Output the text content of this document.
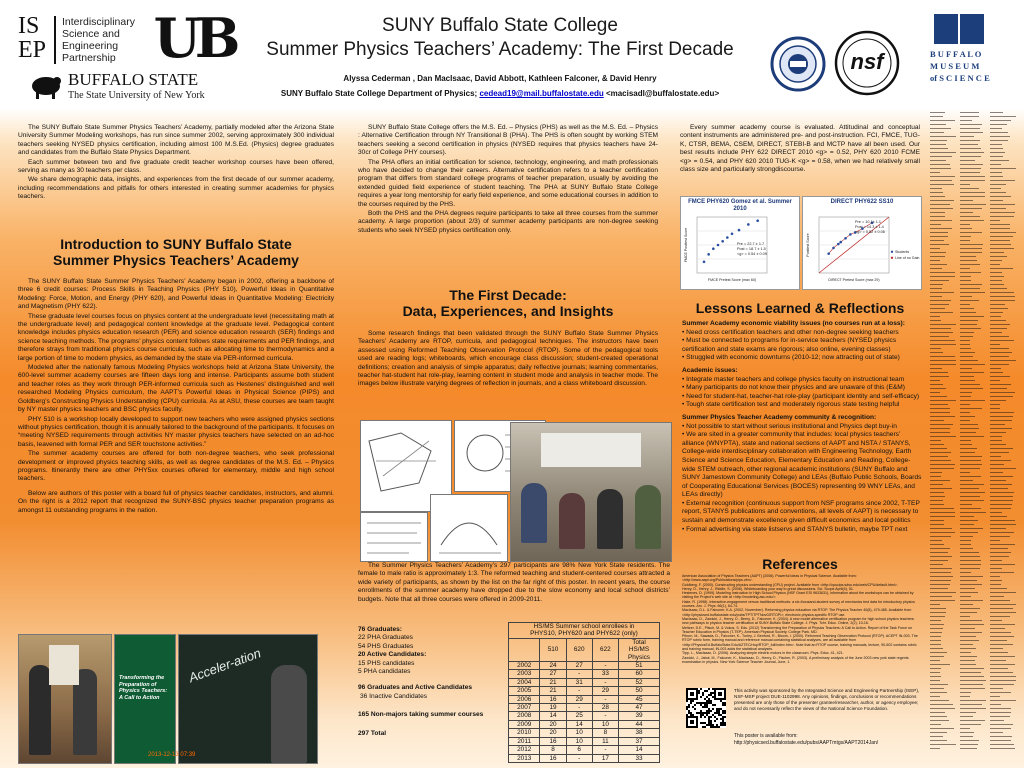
IS
EP
Interdisciplinary
Science and
Engineering
Partnership UB
BUFFALO STATE
The State University of New York
SUNY Buffalo State College
Summer Physics Teachers’ Academy: The First Decade
Alyssa Cederman , Dan MacIsaac, David Abbott, Kathleen Falconer, & David Henry
SUNY Buffalo State College Department of Physics; cedead19@mail.buffalostate.edu <macisadl@buffalostate.edu>
nsf	B U F F A L O
M U S E U M
of S C I E N C E

The SUNY Buffalo State Summer Physics Teachers’ Academy, partially modeled after the Arizona State University Summer Modeling workshops, has run since summer 2002, serving approximately 300 individual teachers seeking NYSED physics certification, including almost 100 M.S.Ed. (Physics) degree graduates and candidates from the Buffalo State Physics Department.

Each summer between two and five graduate credit teacher workshop courses have been offered, serving as many as 30 teachers per class.

We share demographic data, insights, and experiences from the first decade of our summer academy, including recommendations and pitfalls for others interested in creating summer academies for physics teachers.

Introduction to SUNY Buffalo State
Summer Physics Teachers’ Academy

The SUNY Buffalo State Summer Physics Teachers’ Academy began in 2002, offering a backbone of three 6 credit courses: Process Skills in Teaching Physics (PHY 510), Powerful Ideas in Quantitative Modeling: Force, Motion, and Energy (PHY 620), and Powerful Ideas in Quantitative Modeling: Electricity and Magnetism (PHY 622).

These graduate level courses focus on physics content at the undergraduate level (necessitating math at the undergraduate level) and pedagogical content knowledge at the graduate level. Pedagogical content knowledge includes physics education research (PER) and science education research (SER) findings and science teaching methods. The programs’ physics content follows state requirements and PER findings, and therefore strays from traditional physics course curricula, such as allocating time to thermodynamics and a large portion of time to modern physics, as demanded by the state via PER-informed curricula.

Modeled after the nationally famous Modeling Physics workshops held at Arizona State University, the 600-level summer academy courses are fifteen days long and intense. Participants assume both student and teacher roles as they work through PER-informed curricula such as Hestenes’ distinguished and well researched Modeling Physics curriculum, the AAPT’s Powerful Ideas in Physical Science (PIPS) and Goldberg’s Constructing Physics Understanding (CPU) curricula. As at ASU, these courses are team taught by NY master physics teachers and BSC physics faculty.

PHY 510 is a workshop locally developed to support new teachers who were assigned physics sections without physics certification, though it is annually tailored to the background of the participants. It focuses on “meeting NYSED requirements through activities NY master physics teachers have selected on an ad-hoc basis, leavened with formal PER and SER touchstone activities.”

The summer academy courses are offered for both non-degree teachers, who seek professional development or improved physics teaching skills, as well as degree candidates of the M.S. Ed. – Physics programs. Itinerantly there are other PHY5xx courses offered for elementary, middle and high school teachers.

Below are authors of this poster with a board full of physics teacher candidates, instructors, and alumni. On the right is a 2012 report that recognized the SUNY-BSC physics teacher preparation programs as amongst 11 outstanding programs in the nation.

Transforming the Preparation of Physics Teachers: A Call to Action
Acceler-ation
2013-12-13 07:39

SUNY Buffalo State College offers the M.S. Ed. – Physics (PHS) as well as the M.S. Ed. – Physics : Alternative Certification through NY Transitional B (PHA). The PHS is often sought by working STEM teachers seeking a second certification in physics (NYSED requires that physics teachers have 24-30cr of College PHY courses).

The PHA offers an initial certification for science, technology, engineering, and math professionals who have decided to change their careers. Alternative certification refers to a teacher certification program that differs from standard college programs of teacher preparation, usually by avoiding the extended guided field experience of student teaching. The PHA at SUNY Buffalo State College requires a year long mentorship for early field experience, and some educational courses in addition to the courses required by the PHS.

Both the PHS and the PHA degrees require participants to take all three courses from the summer academy. A large proportion (about 2/3) of summer academy participants are non-degree seeking students who seek NYSED physics certification only.

The First Decade:
Data, Experiences, and Insights

Some research findings that been validated through the SUNY Buffalo State Summer Physics Teachers’ Academy are RTOP, curricula, and pedagogical techniques. The instructors have been assessed using Reformed Teaching Observation Protocol (RTOP). Some of the pedagogical tools used are reading logs; whiteboards, which encourage class discussion; student-created operational definitions; creation and analysis of simple apparatus; daily reflective journals; learning commentaries, teacher hat-student hat role-play, learning content in student mode and analysis in teacher mode. The images below illustrate varying degrees of reflection in journals, and a class whiteboard discussion.

The Summer Physics Teachers’ Academy’s 297 participants are 98% New York State residents. The female to male ratio is approximately 1:3. The reformed teaching and student-centered courses attracted a wide variety of participants, as shown by the list on the far right of this poster. In recent years, the course enrollments of the summer academy have dropped due to the slow economy and local school districts’ budgets. Note that all three courses were offered in 2009-2011.

76 Graduates:
22 PHA Graduates
54 PHS Graduates
20 Active Candidates:
15 PHS candidates
5 PHA candidates
96 Graduates and Active Candidates
36 Inactive Candidates
165 Non-majors taking summer courses
297 Total
HS/MS Summer school enrollees in
PHYS10, PHY620 and PHY622 (only)				

	510	620	622	Total HS/MS Physics
2002	24	27	-	51
2003	27	-	33	60
2004	21	31	-	52
2005	21	-	29	50
2006	16	29	-	45
2007	19	-	28	47
2008	14	25	-	39
2009	20	14	10	44
2010	20	10	8	38
2011	16	10	11	37
2012	8	6	-	14
2013	16	-	17	33

Every summer academy course is evaluated. Attitudinal and conceptual content instruments are administered pre- and post-instruction. FCI, FMCE, TUG-K, CTSR, BEMA, CSEM, DIRECT, STEBI-B and MCTP have all been used. Our best results include PHY 622 DIRECT 2010 <g> = 0.52, PHY 620 2010 FCME <g> = 0.54, and PHY 620 2010 TUG-K <g> = 0.58, when we had relatively small class size and particularly strongdiscourse.

FMCE PHY620 Gomez et al. Summer 2010
Pre = 22.7 ± 1.7
Post = 18.7 ± 1.5
<g> = 0.54 ± 0.09
FMCE Pretest Score (max 60)
FMCE Posttest Score
DIRECT PHY622 SS10
Pre = 10.1± 1.1
Post = 14.3 ± 1.4
<g> = 0.52 ± 0.06
Students
Line of no Gain
DIRECT Pretest Score (max 29)
Posttest Score
Lessons Learned & Reflections
Summer Academy economic viability issues (no courses run at a loss):
• Need cross certification teachers and other non-degree seeking teachers
• Must be connected to programs for in-service teachers (NYSED physics certification and state exams are rigorous; also online, evening classes)
• Struggled with economic downturns (2010-12; now attracting out of state)
Academic issues:
• Integrate master teachers and college physics faculty on instructional team
• Many participants do not know their physics and are unaware of this (E&M)
• Need for student-hat, teacher-hat role-play (participant identity and self-efficacy)
• Tough state certification test and moderately rigorous state testing helpful
Summer Physics Teacher Academy community & recognition:
• Not possible to start without serious institutional and Physics dept buy-in
• We are sited in a greater community that includes: local physics teachers’ alliance (WNYPTA), state and national sections of AAPT and NSTA / STANYS, College-wide interdisciplinary collaboration with Engineering Technology, Earth Science and Science Education, Elementary Education and Reading, College-wide STEM outreach, other regional academic institutions (SUNY Buffalo and SUNY Jamestown Community College) and LEAs (Buffalo Public Schools, Boards of Cooperating Educational Services (BOCES) representing 99 WNY LEAs, and LEAs directly)
• External recognition (continuous support from NSF programs since 2002, T-TEP report, STANYS publications and conventions, all levels of AAPT) is necessary to sustain and demonstrate excellence given difficult economics and local politics
• Formal advertising via state listservs and STANYS bulletin, maybe TPT next
References
American Association of Physics Teachers (AAPT) (2006). Powerful Ideas in Physical Science. Available from: <http://www.aapt.org/Publications/pips.cfm>.
Goldberg, F. (2000). Constructing physics understanding (CPU) project. Available from <http://cpucips.sdsu.edu/web/CPU/default.html>.
Henry, D., Henry, J., Riddle, S. (2006). Whiteboarding your way to great discussions. Sci. Scope April(4), 51.
Hestenes, D. (1999). Modeling Instruction in High School Physics (NSF Grant ESI 9633631), information about the workshops can be obtained by visiting the Project’s web site at <http://modeling.asu.edu/>.
Hake, R. (1998). Interactive-engagement versus traditional methods: a six-thousand-student survey of mechanics test data for introductory physics courses. Am. J. Phys. 66(1), 64-74.
MacIsaac, D.L. & Falconer, K.A. (2002, November). Reforming physics education via RTOP. The Physics Teacher 40(8), 479-485. Available from <http://physicsed.buffalostate.edu/pubs/TPT/TPTNov02RTOP/>; electronic physics-specific RTOP use.
MacIsaac, D., Zawicki, J., Henry, D., Beery, D., Falconer, K. (2004). A new model alternative certification program for high school physics teachers: new pathways to physics teacher certification at SUNY-Buffalo State College. J. Phys. Tchr. Educ. Online, 2(2), 10-16.
Meltzer, D.E., Plisch, M. & Vokos, S. Eds. (2012) Transforming the Preparation of Physics Teachers: A Call to Action. Report of the Task Force on Teacher Education in Physics (T-TEP). American Physical Society, College Park, MD.
Piburn, M., Sawada, D., Falconer, K., Turley, J. Benford, R., Bloom, I. (2000). Reformed Teaching Observation Protocol (RTOP). ACEPT IN-003. The RTOP rubric form, training manual and reference manual containing statistical analyses, are all available from <http://PhysicsEd.BuffaloState.Edu/AZTEC/rtop/RTOP_full/index.htm>. Note that an RTOP course, training manuals, lecture, 90-602 contains rubric and training manual, IN-003 adds the statistical analyses.
Tipp, L., MacIsaac, D. (2006). Analyzing simple electric motors in the classroom. Phys. Educ. 41, 421.
Zawicki, J., Jabot, M., Falconer, K., MacIsaac, D., Henry, D., Fischer, R. (2003). A preliminary analysis of the June 2003 new york state regents examination in physics. New York Science Teacher Journal, June, 1.
This activity was sponsored by the Integrated Science and Engineering Partnership (ISEP), NSF-MSP project DUE-1102998. Any opinions, findings, conclusions or recommendations presented are only those of the presenter grantee/researcher, author, or agency employee; and do not necessarily reflect the views of the National Science Foundation.
This poster is available from:
http://physicsed.buffalostate.edu/pubs/AAPTmtgs/AAPT2014Jan/
